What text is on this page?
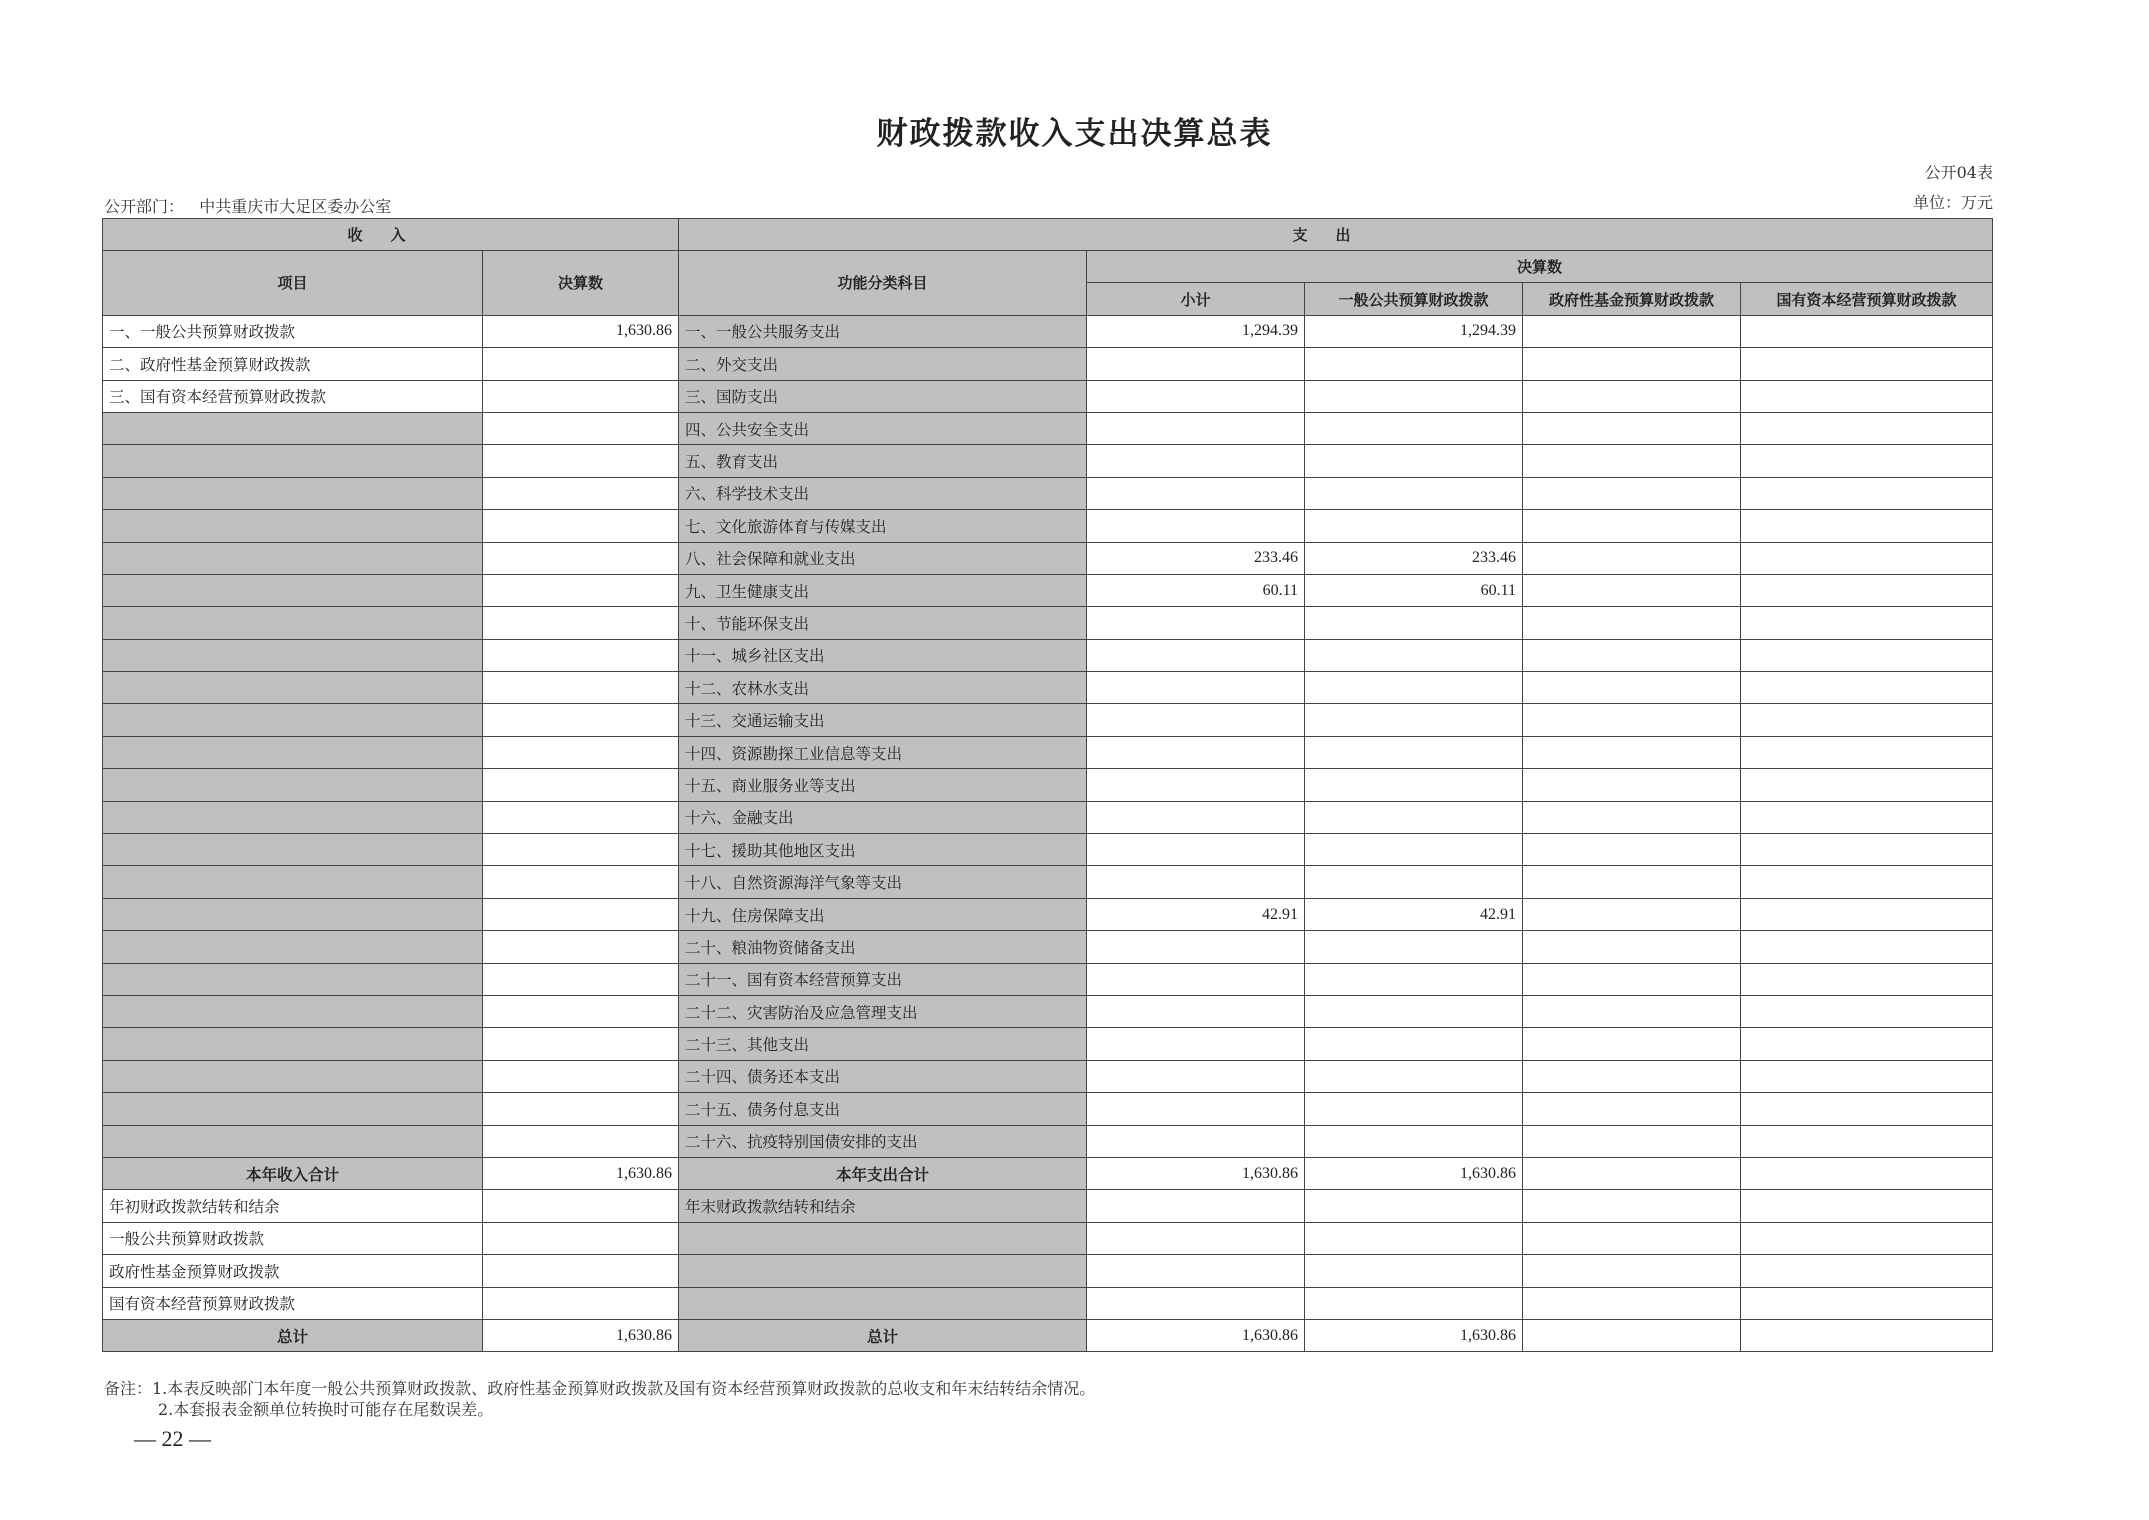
财政拨款收入支出决算总表
公开04表
单位：万元
公开部门：   中共重庆市大足区委办公室
收入		支出				
项目	决算数	功能分类科目	决算数			
			小计	一般公共预算财政拨款	政府性基金预算财政拨款	国有资本经营预算财政拨款
一、一般公共预算财政拨款	1,630.86	一、一般公共服务支出	1,294.39	1,294.39		
二、政府性基金预算财政拨款		二、外交支出				
三、国有资本经营预算财政拨款		三、国防支出				
		四、公共安全支出				
		五、教育支出				
		六、科学技术支出				
		七、文化旅游体育与传媒支出				
		八、社会保障和就业支出	233.46	233.46		
		九、卫生健康支出	60.11	60.11		
		十、节能环保支出				
		十一、城乡社区支出				
		十二、农林水支出				
		十三、交通运输支出				
		十四、资源勘探工业信息等支出				
		十五、商业服务业等支出				
		十六、金融支出				
		十七、援助其他地区支出				
		十八、自然资源海洋气象等支出				
		十九、住房保障支出	42.91	42.91		
		二十、粮油物资储备支出				
		二十一、国有资本经营预算支出				
		二十二、灾害防治及应急管理支出				
		二十三、其他支出				
		二十四、债务还本支出				
		二十五、债务付息支出				
		二十六、抗疫特别国债安排的支出				
本年收入合计	1,630.86	本年支出合计	1,630.86	1,630.86		
年初财政拨款结转和结余		年末财政拨款结转和结余				
一般公共预算财政拨款						
政府性基金预算财政拨款						
国有资本经营预算财政拨款						
总计	1,630.86	总计	1,630.86	1,630.86		
备注：1.本表反映部门本年度一般公共预算财政拨款、政府性基金预算财政拨款及国有资本经营预算财政拨款的总收支和年末结转结余情况。
2.本套报表金额单位转换时可能存在尾数误差。
— 22 —
